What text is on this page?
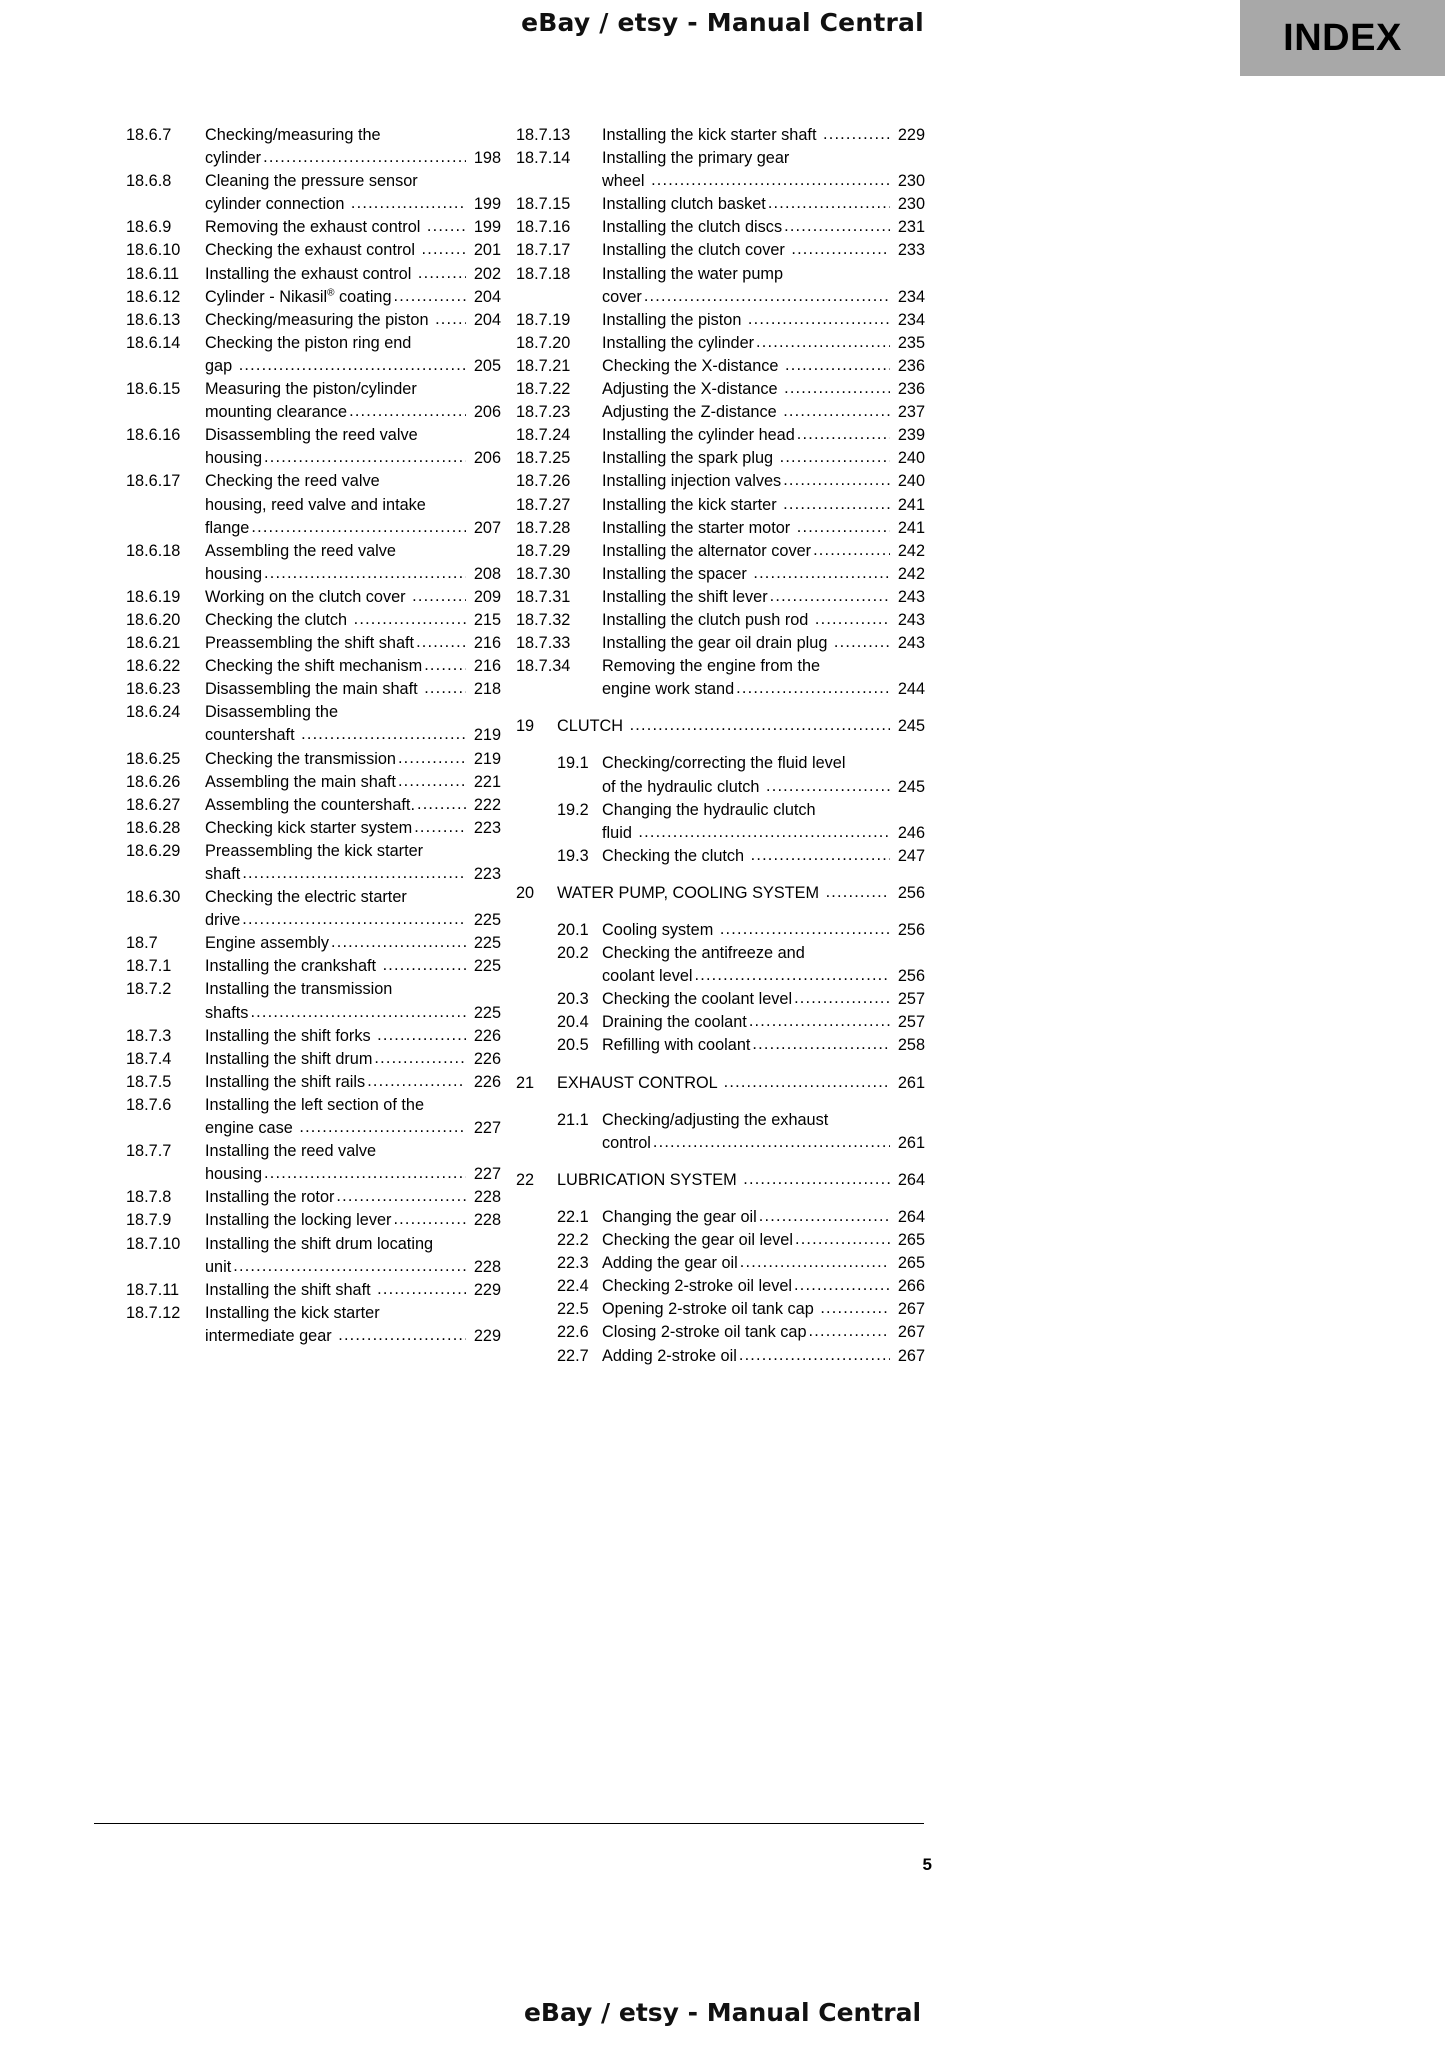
eBay / etsy - Manual Central	INDEX
18.6.7	Checking/measuring the
cylinder .....	198
18.6.8	Cleaning the pressure sensor
cylinder connection .....	199
18.6.9	Removing the exhaust control .....	199
18.6.10	Checking the exhaust control .....	201
18.6.11	Installing the exhaust control .....	202
18.6.12	Cylinder - Nikasil® coating .....	204
18.6.13	Checking/measuring the piston .....	204
18.6.14	Checking the piston ring end
gap .....	205
18.6.15	Measuring the piston/cylinder
mounting clearance .....	206
18.6.16	Disassembling the reed valve
housing .....	206
18.6.17	Checking the reed valve
housing, reed valve and intake
flange .....	207
18.6.18	Assembling the reed valve
housing .....	208
18.6.19	Working on the clutch cover .....	209
18.6.20	Checking the clutch .....	215
18.6.21	Preassembling the shift shaft .....	216
18.6.22	Checking the shift mechanism .....	216
18.6.23	Disassembling the main shaft .....	218
18.6.24	Disassembling the
countershaft .....	219
18.6.25	Checking the transmission .....	219
18.6.26	Assembling the main shaft .....	221
18.6.27	Assembling the countershaft. .....	222
18.6.28	Checking kick starter system .....	223
18.6.29	Preassembling the kick starter
shaft .....	223
18.6.30	Checking the electric starter
drive .....	225
18.7	Engine assembly .....	225
18.7.1	Installing the crankshaft .....	225
18.7.2	Installing the transmission
shafts .....	225
18.7.3	Installing the shift forks .....	226
18.7.4	Installing the shift drum .....	226
18.7.5	Installing the shift rails .....	226
18.7.6	Installing the left section of the
engine case .....	227
18.7.7	Installing the reed valve
housing .....	227
18.7.8	Installing the rotor .....	228
18.7.9	Installing the locking lever .....	228
18.7.10	Installing the shift drum locating
unit .....	228
18.7.11	Installing the shift shaft .....	229
18.7.12	Installing the kick starter
intermediate gear .....	229
18.7.13	Installing the kick starter shaft .....	229
18.7.14	Installing the primary gear
wheel .....	230
18.7.15	Installing clutch basket .....	230
18.7.16	Installing the clutch discs .....	231
18.7.17	Installing the clutch cover .....	233
18.7.18	Installing the water pump
cover .....	234
18.7.19	Installing the piston .....	234
18.7.20	Installing the cylinder .....	235
18.7.21	Checking the X-distance .....	236
18.7.22	Adjusting the X-distance .....	236
18.7.23	Adjusting the Z-distance .....	237
18.7.24	Installing the cylinder head .....	239
18.7.25	Installing the spark plug .....	240
18.7.26	Installing injection valves .....	240
18.7.27	Installing the kick starter .....	241
18.7.28	Installing the starter motor .....	241
18.7.29	Installing the alternator cover .....	242
18.7.30	Installing the spacer .....	242
18.7.31	Installing the shift lever .....	243
18.7.32	Installing the clutch push rod .....	243
18.7.33	Installing the gear oil drain plug .....	243
18.7.34	Removing the engine from the
engine work stand .....	244
19	CLUTCH .....	245
19.1 Checking/correcting the fluid level
of the hydraulic clutch .....	245
19.2 Changing the hydraulic clutch
fluid .....	246
19.3 Checking the clutch .....	247
20	WATER PUMP, COOLING SYSTEM .....	256
20.1 Cooling system .....	256
20.2 Checking the antifreeze and
coolant level .....	256
20.3 Checking the coolant level .....	257
20.4 Draining the coolant .....	257
20.5 Refilling with coolant .....	258
21	EXHAUST CONTROL .....	261
21.1 Checking/adjusting the exhaust
control .....	261
22	LUBRICATION SYSTEM .....	264
22.1 Changing the gear oil .....	264
22.2 Checking the gear oil level .....	265
22.3 Adding the gear oil .....	265
22.4 Checking 2-stroke oil level .....	266
22.5 Opening 2-stroke oil tank cap .....	267
22.6 Closing 2-stroke oil tank cap .....	267
22.7 Adding 2-stroke oil .....	267
5
eBay / etsy - Manual Central
